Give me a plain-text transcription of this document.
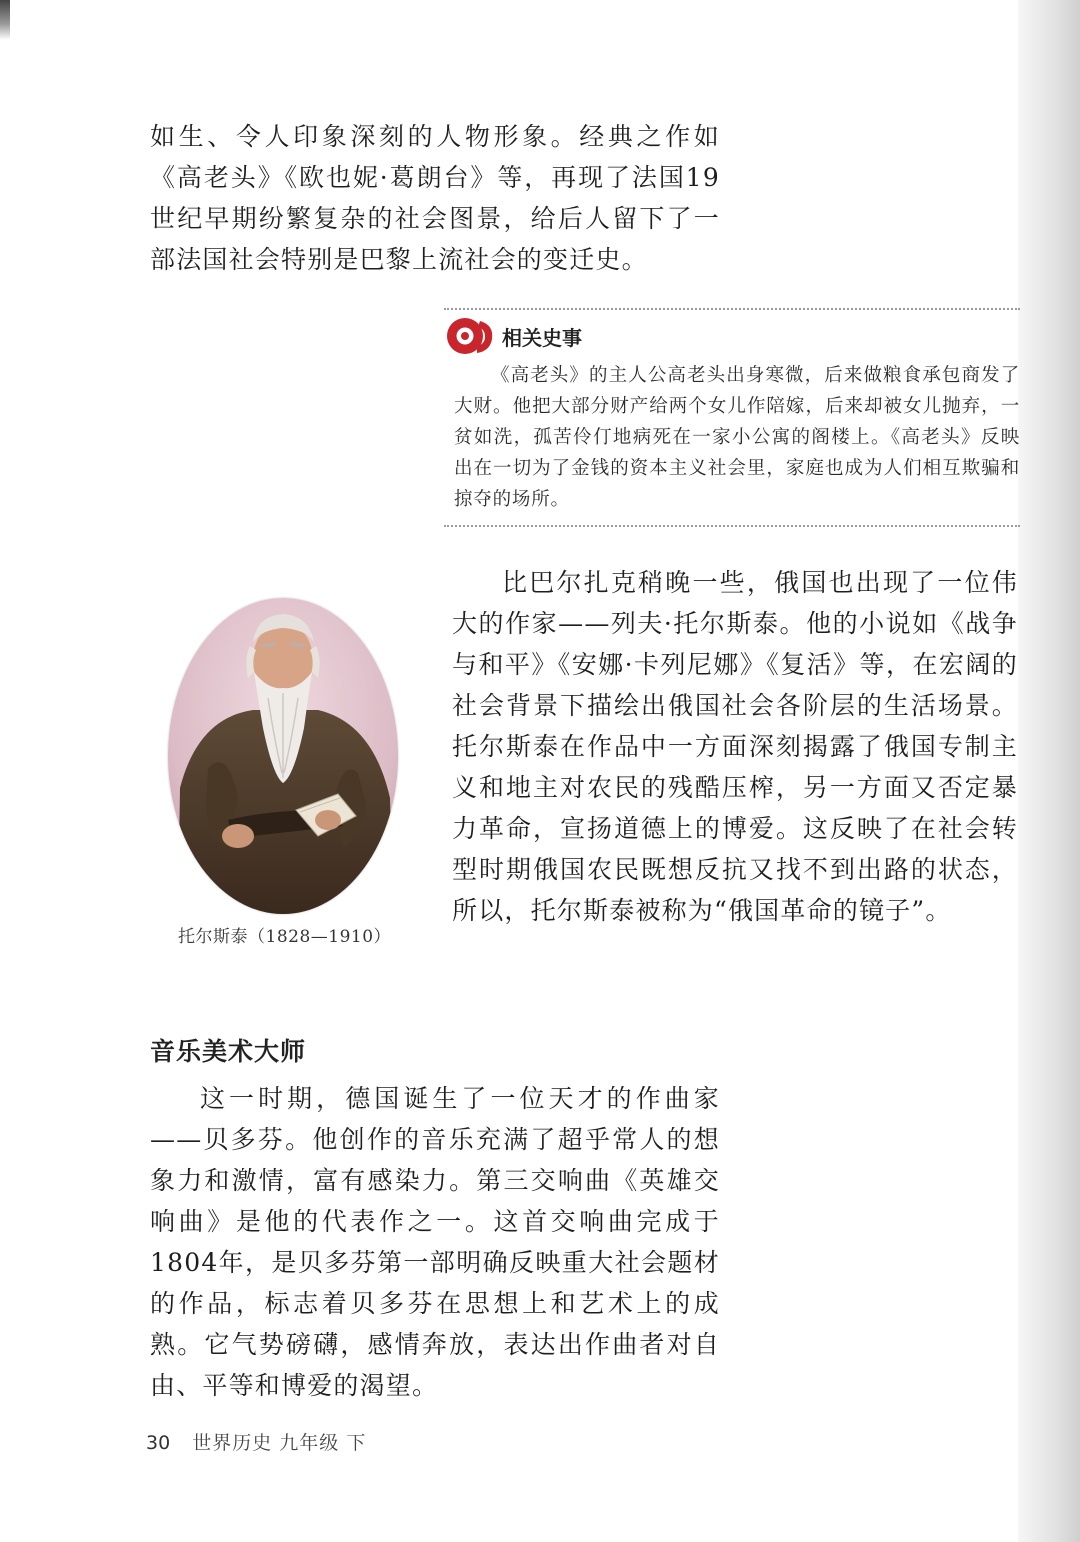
如生、令人印象深刻的人物形象。经典之作如《高老头》《欧也妮·葛朗台》等，再现了法国19世纪早期纷繁复杂的社会图景，给后人留下了一部法国社会特别是巴黎上流社会的变迁史。

相关史事

《高老头》的主人公高老头出身寒微，后来做粮食承包商发了大财。他把大部分财产给两个女儿作陪嫁，后来却被女儿抛弃，一贫如洗，孤苦伶仃地病死在一家小公寓的阁楼上。《高老头》反映出在一切为了金钱的资本主义社会里，家庭也成为人们相互欺骗和掠夺的场所。

托尔斯泰（1828—1910）

比巴尔扎克稍晚一些，俄国也出现了一位伟大的作家——列夫·托尔斯泰。他的小说如《战争与和平》《安娜·卡列尼娜》《复活》等，在宏阔的社会背景下描绘出俄国社会各阶层的生活场景。托尔斯泰在作品中一方面深刻揭露了俄国专制主义和地主对农民的残酷压榨，另一方面又否定暴力革命，宣扬道德上的博爱。这反映了在社会转型时期俄国农民既想反抗又找不到出路的状态，所以，托尔斯泰被称为“俄国革命的镜子”。

音乐美术大师

这一时期，德国诞生了一位天才的作曲家——贝多芬。他创作的音乐充满了超乎常人的想象力和激情，富有感染力。第三交响曲《英雄交响曲》是他的代表作之一。这首交响曲完成于1804年，是贝多芬第一部明确反映重大社会题材的作品，标志着贝多芬在思想上和艺术上的成熟。它气势磅礴，感情奔放，表达出作曲者对自由、平等和博爱的渴望。

30 世界历史 九年级 下
